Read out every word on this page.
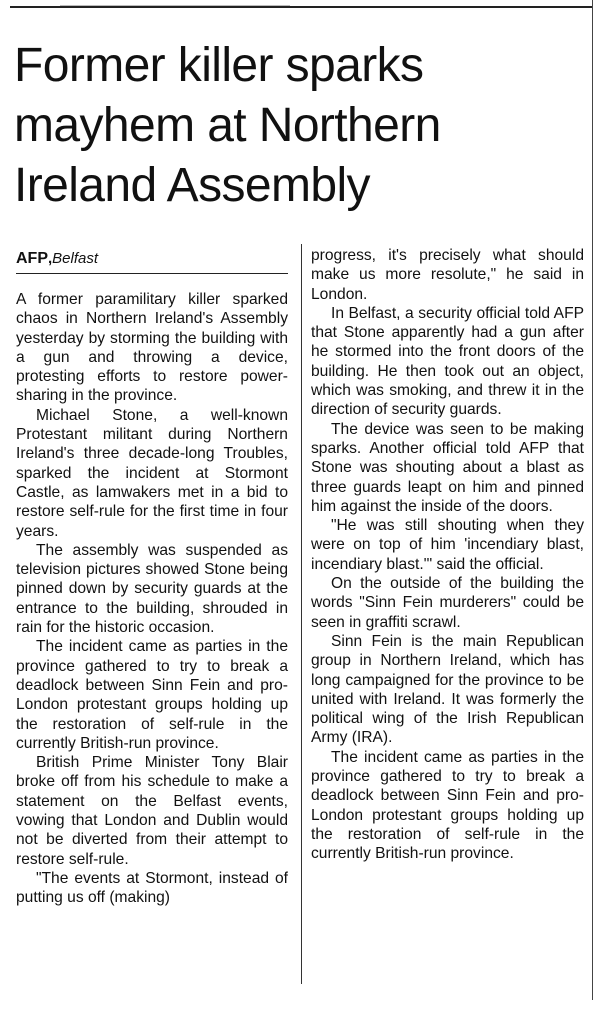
Former killer sparks mayhem at Northern Ireland Assembly
AFP,Belfast

A former paramilitary killer sparked chaos in Northern Ireland's Assembly yesterday by storming the building with a gun and throwing a device, protesting efforts to restore power-sharing in the province.

Michael Stone, a well-known Protestant militant during Northern Ireland's three decade-long Troubles, sparked the incident at Stormont Castle, as lamwakers met in a bid to restore self-rule for the first time in four years.

The assembly was suspended as television pictures showed Stone being pinned down by security guards at the entrance to the building, shrouded in rain for the historic occasion.

The incident came as parties in the province gathered to try to break a deadlock between Sinn Fein and pro-London protestant groups holding up the restoration of self-rule in the currently British-run province.

British Prime Minister Tony Blair broke off from his schedule to make a statement on the Belfast events, vowing that London and Dublin would not be diverted from their attempt to restore self-rule.

"The events at Stormont, instead of putting us off (making)

progress, it's precisely what should make us more resolute," he said in London.

In Belfast, a security official told AFP that Stone apparently had a gun after he stormed into the front doors of the building. He then took out an object, which was smoking, and threw it in the direction of security guards.

The device was seen to be making sparks. Another official told AFP that Stone was shouting about a blast as three guards leapt on him and pinned him against the inside of the doors.

"He was still shouting when they were on top of him 'incendiary blast, incendiary blast.'" said the official.

On the outside of the building the words "Sinn Fein murderers" could be seen in graffiti scrawl.

Sinn Fein is the main Republican group in Northern Ireland, which has long campaigned for the province to be united with Ireland. It was formerly the political wing of the Irish Republican Army (IRA).

The incident came as parties in the province gathered to try to break a deadlock between Sinn Fein and pro-London protestant groups holding up the restoration of self-rule in the currently British-run province.
